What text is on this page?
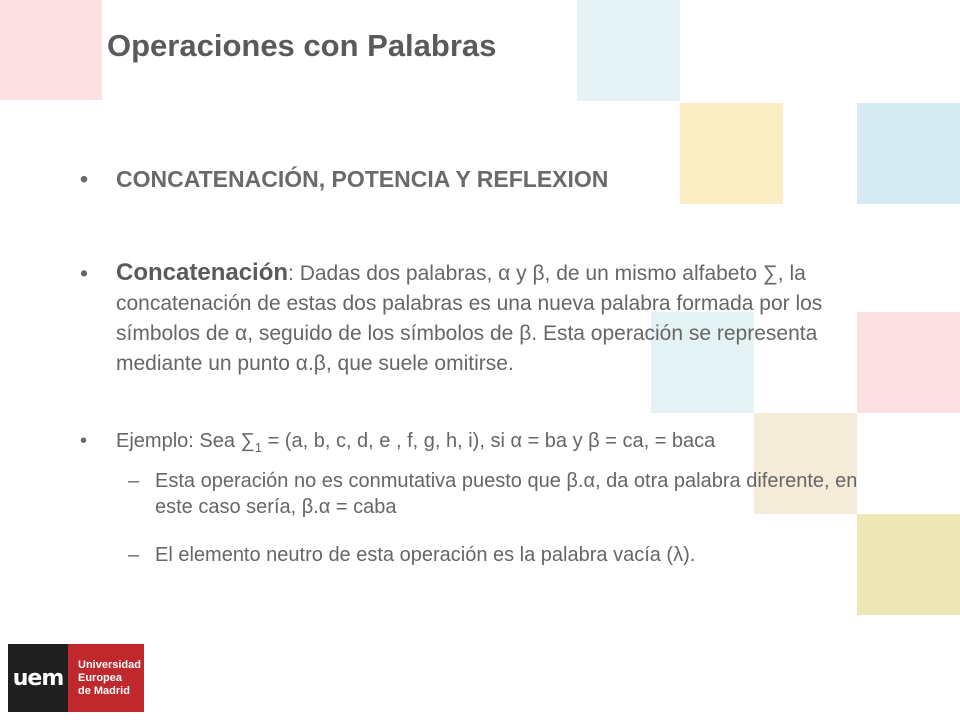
Operaciones con Palabras
• CONCATENACIÓN, POTENCIA Y REFLEXION
• Concatenación: Dadas dos palabras, α y β, de un mismo alfabeto ∑, la concatenación de estas dos palabras es una nueva palabra formada por los símbolos de α, seguido de los símbolos de β. Esta operación se representa mediante un punto α.β, que suele omitirse.
• Ejemplo: Sea $\sum_1 = (a$, b, c, d, e , f, g, h, i), si α = ba y β = ca, = baca
– Esta operación no es conmutativa puesto que β.α, da otra palabra diferente, en este caso sería, β.α = caba
– El elemento neutro de esta operación es la palabra vacía (λ).
uem
Universidad
Europea
de Madrid
